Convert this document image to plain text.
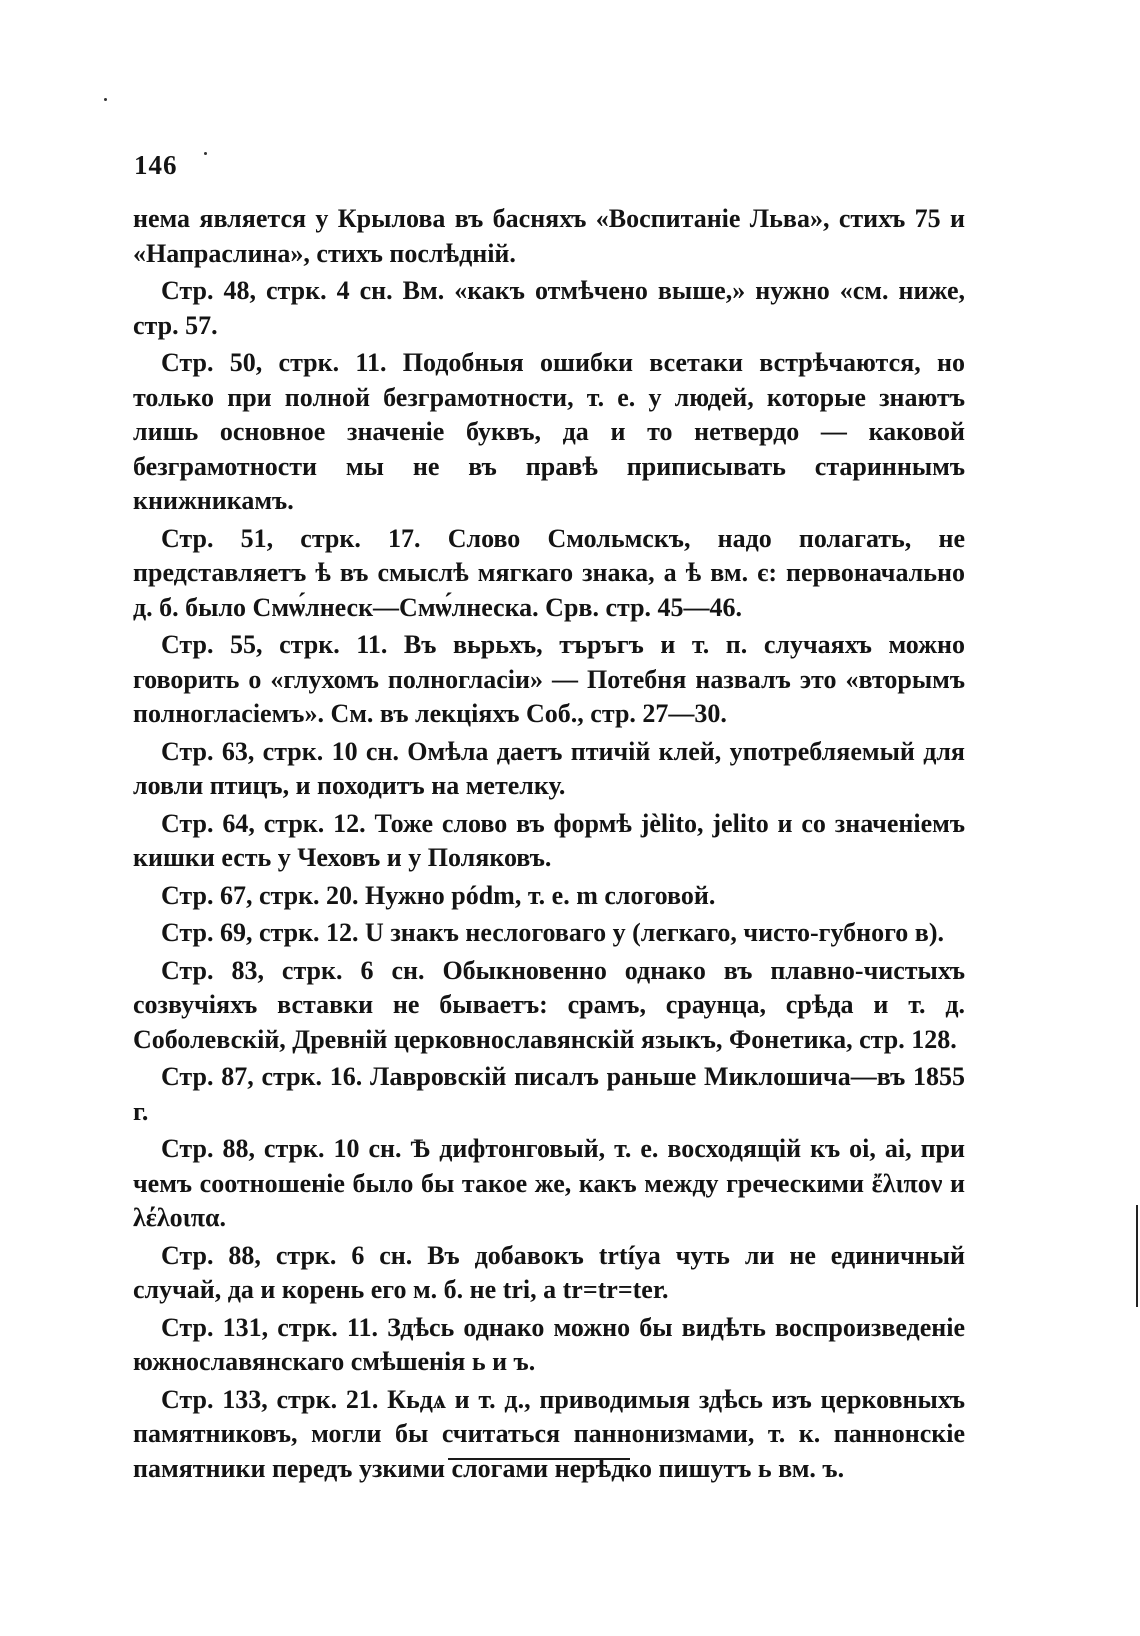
146

нема является у Крылова въ басняхъ «Воспитаніе Льва», стихъ 75 и «Напраслина», стихъ послѣдній.

Стр. 48, стрк. 4 сн. Вм. «какъ отмѣчено выше,» нужно «см. ниже, стр. 57.

Стр. 50, стрк. 11. Подобныя ошибки всетаки встрѣчаются, но только при полной безграмотности, т. е. у людей, которые знаютъ лишь основное значеніе буквъ, да и то нетвердо — каковой безграмотности мы не въ правѣ приписывать стариннымъ книжникамъ.

Стр. 51, стрк. 17. Слово Смольмскъ, надо полагать, не представляетъ ѣ въ смыслѣ мягкаго знака, а ѣ вм. є: первоначально д. б. было Смѡ́лнеск—Смѡ́лнеска. Срв. стр. 45—46.

Стр. 55, стрк. 11. Въ вьрьхъ, търъгъ и т. п. случаяхъ можно говорить о «глухомъ полногласіи» — Потебня назвалъ это «вторымъ полногласіемъ». См. въ лекціяхъ Соб., стр. 27—30.

Стр. 63, стрк. 10 сн. Омѣла даетъ птичій клей, употребляемый для ловли птицъ, и походитъ на метелку.

Стр. 64, стрк. 12. Тоже слово въ формѣ jèlito, jelito и со значеніемъ кишки есть у Чеховъ и у Поляковъ.

Стр. 67, стрк. 20. Нужно pódm, т. е. m слоговой.

Стр. 69, стрк. 12. U знакъ неслоговаго у (легкаго, чисто-губного в).

Стр. 83, стрк. 6 сн. Обыкновенно однако въ плавно-чистыхъ созвучіяхъ вставки не бываетъ: срамъ, сраунца, срѣда и т. д. Соболевскій, Древній церковнославянскій языкъ, Фонетика, стр. 128.

Стр. 87, стрк. 16. Лавровскій писалъ раньше Миклошича—въ 1855 г.

Стр. 88, стрк. 10 сн. Ѣ дифтонговый, т. е. восходящій къ oi, ai, при чемъ соотношеніе было бы такое же, какъ между греческими ἔλιπον и λέλοιπα.

Стр. 88, стрк. 6 сн. Въ добавокъ trtíya чуть ли не единичный случай, да и корень его м. б. не tri, а tr=tr=ter.

Стр. 131, стрк. 11. Здѣсь однако можно бы видѣть воспроизведеніе южнославянскаго смѣшенія ь и ъ.

Стр. 133, стрк. 21. Кьдѧ и т. д., приводимыя здѣсь изъ церковныхъ памятниковъ, могли бы считаться паннонизмами, т. к. паннонскіе памятники передъ узкими слогами нерѣдко пишутъ ь вм. ъ.
